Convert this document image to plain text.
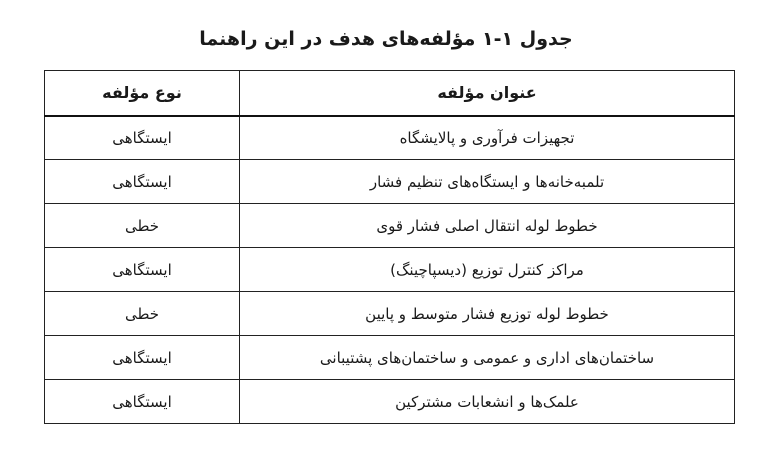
جدول ۱-۱ مؤلفه‌های هدف در این راهنما
عنوان مؤلفه	نوع مؤلفه
تجهیزات فرآوری و پالایشگاه	ایستگاهی
تلمبه‌خانه‌ها و ایستگاه‌های تنظیم فشار	ایستگاهی
خطوط لوله انتقال اصلی فشار قوی	خطی
مراکز کنترل توزیع (دیسپاچینگ)	ایستگاهی
خطوط لوله توزیع فشار متوسط و پایین	خطی
ساختمان‌های اداری و عمومی و ساختمان‌های پشتیبانی	ایستگاهی
علمک‌ها و انشعابات مشترکین	ایستگاهی
